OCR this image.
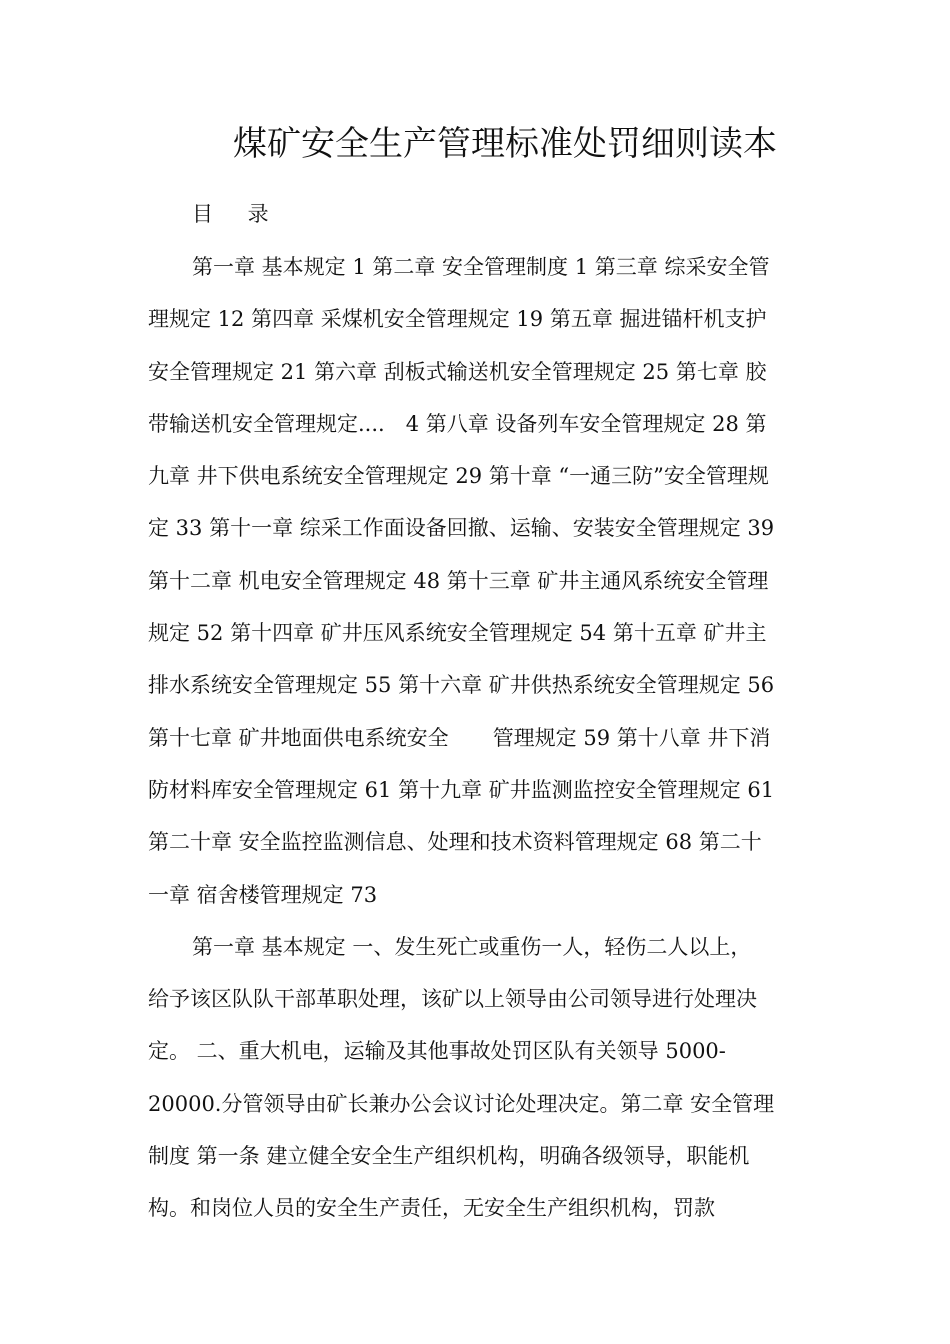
煤矿安全生产管理标准处罚细则读本
目 录
第一章 基本规定 1 第二章 安全管理制度 1 第三章 综采安全管
理规定 12 第四章 采煤机安全管理规定 19 第五章 掘进锚杆机支护
安全管理规定 21 第六章 刮板式输送机安全管理规定 25 第七章 胶
带输送机安全管理规定....　4 第八章 设备列车安全管理规定 28 第
九章 井下供电系统安全管理规定 29 第十章 “一通三防”安全管理规
定 33 第十一章 综采工作面设备回撤、运输、安装安全管理规定 39
第十二章 机电安全管理规定 48 第十三章 矿井主通风系统安全管理
规定 52 第十四章 矿井压风系统安全管理规定 54 第十五章 矿井主
排水系统安全管理规定 55 第十六章 矿井供热系统安全管理规定 56
第十七章 矿井地面供电系统安全 管理规定 59 第十八章 井下消
防材料库安全管理规定 61 第十九章 矿井监测监控安全管理规定 61
第二十章 安全监控监测信息、处理和技术资料管理规定 68 第二十
一章 宿舍楼管理规定 73
第一章 基本规定 一、发生死亡或重伤一人，轻伤二人以上，
给予该区队队干部革职处理，该矿以上领导由公司领导进行处理决
定。 二、重大机电，运输及其他事故处罚区队有关领导 5000-
20000.分管领导由矿长兼办公会议讨论处理决定。第二章 安全管理
制度 第一条 建立健全安全生产组织机构，明确各级领导，职能机
构。和岗位人员的安全生产责任，无安全生产组织机构，罚款
